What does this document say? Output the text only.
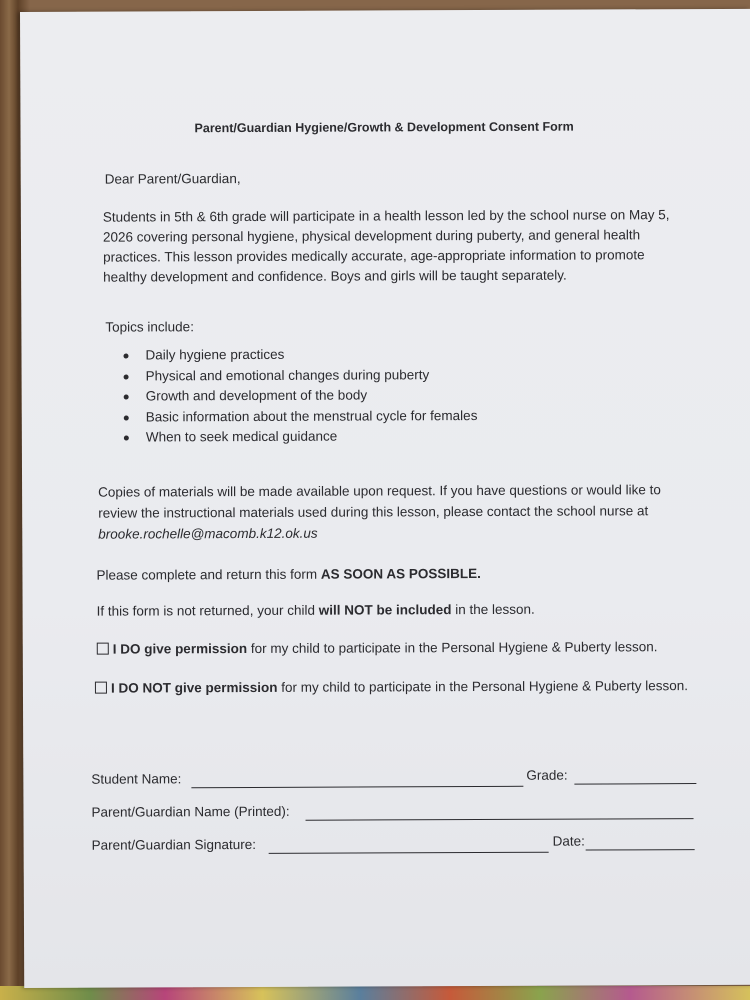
Parent/Guardian Hygiene/Growth & Development Consent Form
Dear Parent/Guardian,
Students in 5th & 6th grade will participate in a health lesson led by the school nurse on May 5, 2026 covering personal hygiene, physical development during puberty, and general health practices. This lesson provides medically accurate, age-appropriate information to promote healthy development and confidence. Boys and girls will be taught separately.
Topics include:
Daily hygiene practices
Physical and emotional changes during puberty
Growth and development of the body
Basic information about the menstrual cycle for females
When to seek medical guidance
Copies of materials will be made available upon request. If you have questions or would like to review the instructional materials used during this lesson, please contact the school nurse at
brooke.rochelle@macomb.k12.ok.us
Please complete and return this form AS SOON AS POSSIBLE.
If this form is not returned, your child will NOT be included in the lesson.
I DO give permission for my child to participate in the Personal Hygiene & Puberty lesson.
I DO NOT give permission for my child to participate in the Personal Hygiene & Puberty lesson.
Student Name:	Grade:
Parent/Guardian Name (Printed):
Parent/Guardian Signature:	Date:
